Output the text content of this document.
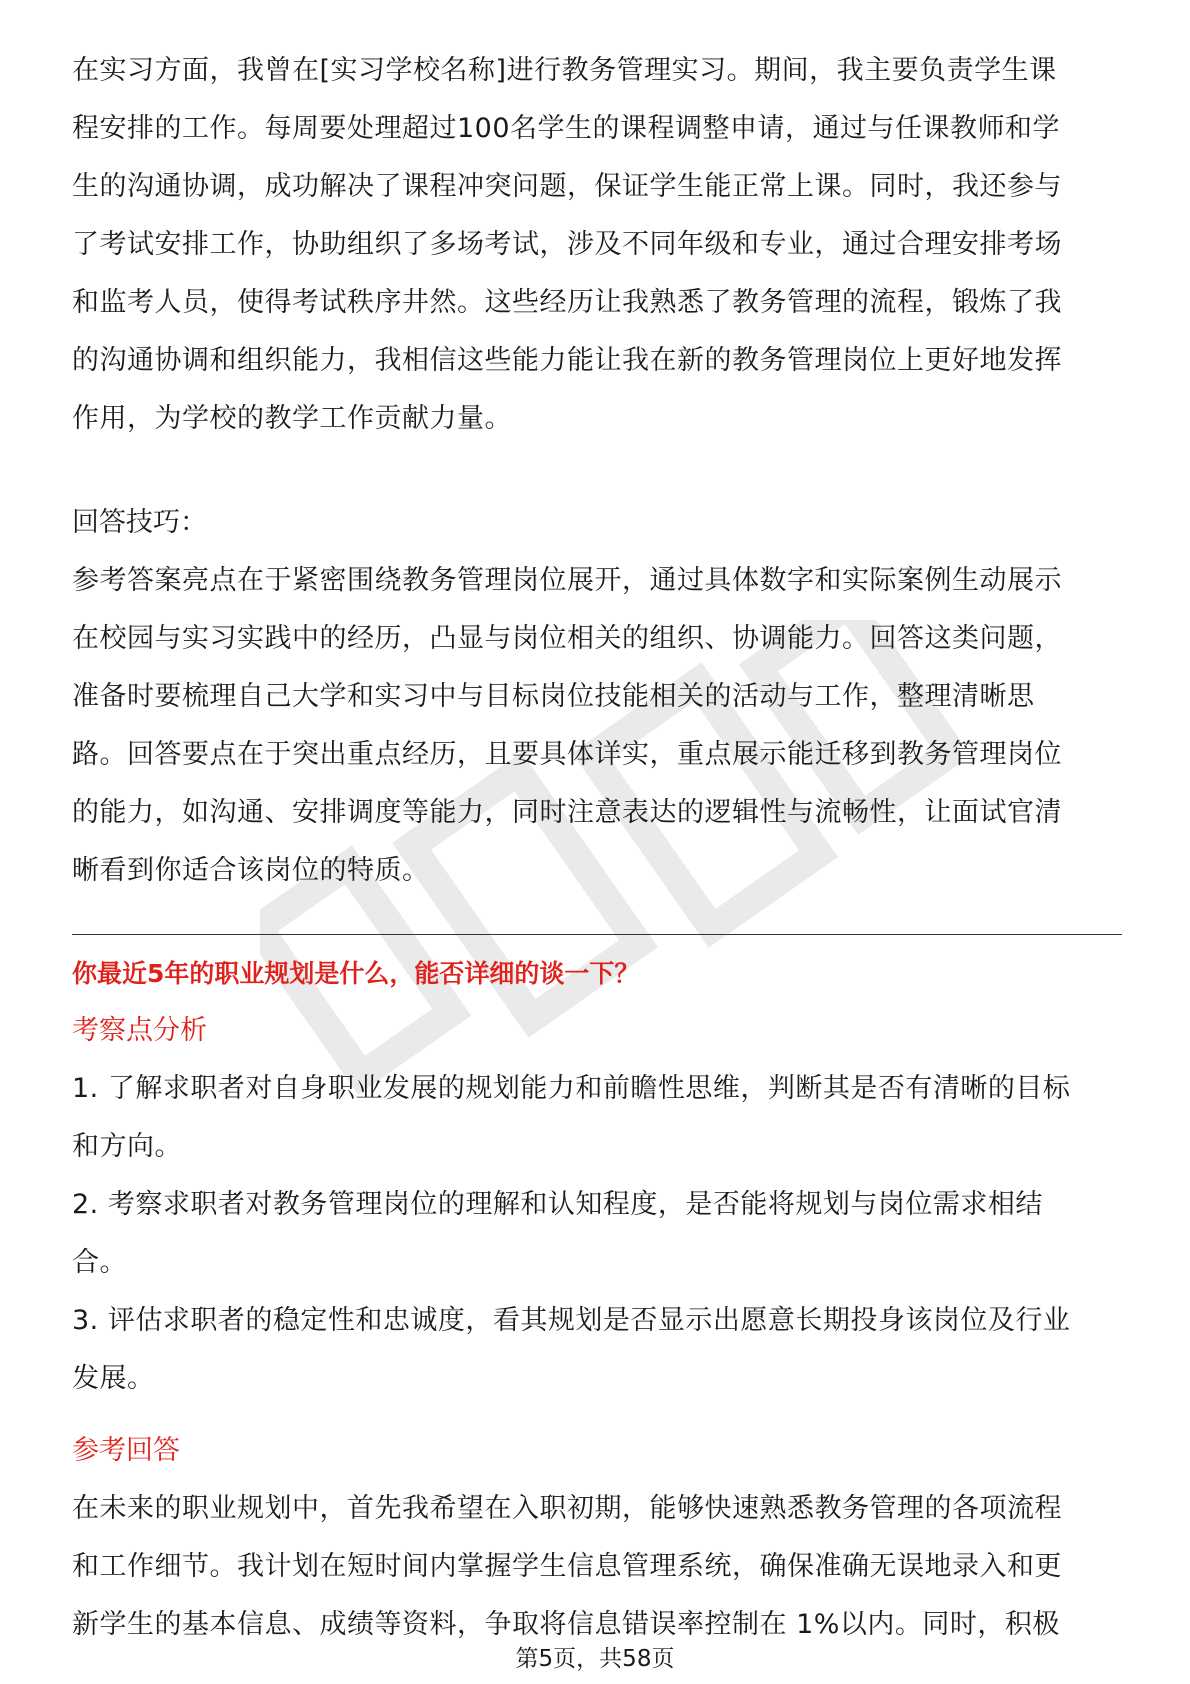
在实习方面，我曾在[实习学校名称]进行教务管理实习。期间，我主要负责学生课

程安排的工作。每周要处理超过100名学生的课程调整申请，通过与任课教师和学

生的沟通协调，成功解决了课程冲突问题，保证学生能正常上课。同时，我还参与

了考试安排工作，协助组织了多场考试，涉及不同年级和专业，通过合理安排考场

和监考人员，使得考试秩序井然。这些经历让我熟悉了教务管理的流程，锻炼了我

的沟通协调和组织能力，我相信这些能力能让我在新的教务管理岗位上更好地发挥

作用，为学校的教学工作贡献力量。

回答技巧：

参考答案亮点在于紧密围绕教务管理岗位展开，通过具体数字和实际案例生动展示

在校园与实习实践中的经历，凸显与岗位相关的组织、协调能力。回答这类问题，

准备时要梳理自己大学和实习中与目标岗位技能相关的活动与工作，整理清晰思

路。回答要点在于突出重点经历，且要具体详实，重点展示能迁移到教务管理岗位

的能力，如沟通、安排调度等能力，同时注意表达的逻辑性与流畅性，让面试官清

晰看到你适合该岗位的特质。

你最近5年的职业规划是什么，能否详细的谈一下？

考察点分析

1. 了解求职者对自身职业发展的规划能力和前瞻性思维，判断其是否有清晰的目标

和方向。

2. 考察求职者对教务管理岗位的理解和认知程度，是否能将规划与岗位需求相结

合。

3. 评估求职者的稳定性和忠诚度，看其规划是否显示出愿意长期投身该岗位及行业

发展。

参考回答

在未来的职业规划中，首先我希望在入职初期，能够快速熟悉教务管理的各项流程

和工作细节。我计划在短时间内掌握学生信息管理系统，确保准确无误地录入和更

新学生的基本信息、成绩等资料，争取将信息错误率控制在 1%以内。同时，积极

第5页，共58页
